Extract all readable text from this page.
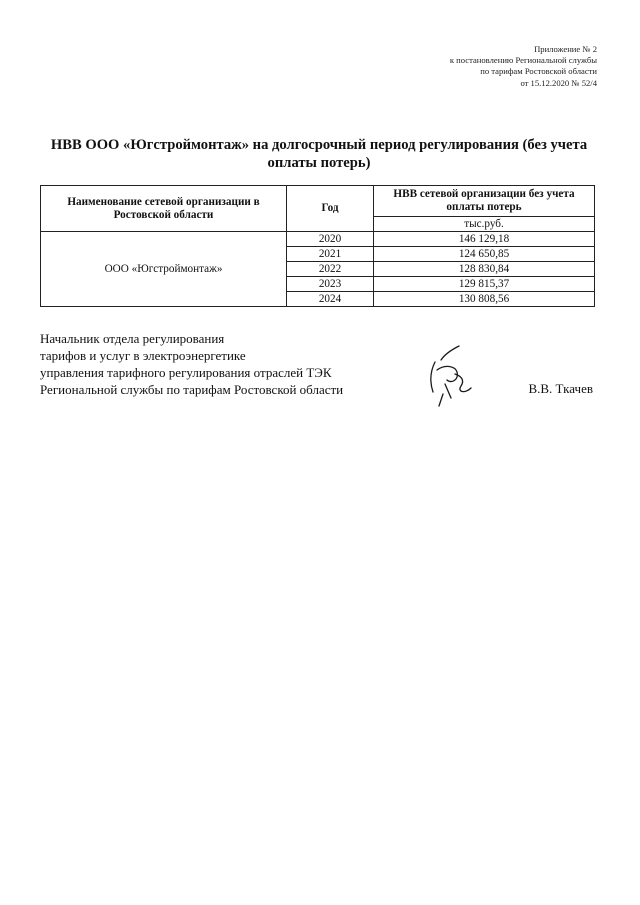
Приложение № 2
к постановлению Региональной службы
по тарифам Ростовской области
от 15.12.2020 № 52/4
НВВ ООО «Югстроймонтаж» на долгосрочный период регулирования (без учета оплаты потерь)
Наименование сетевой организации в Ростовской области	Год	НВВ сетевой организации без учета оплаты потерь
		тыс.руб.
ООО «Югстроймонтаж»	2020	146 129,18
	2021	124 650,85
	2022	128 830,84
	2023	129 815,37
	2024	130 808,56
Начальник отдела регулирования
тарифов и услуг в электроэнергетике
управления тарифного регулирования отраслей ТЭК
Региональной службы по тарифам Ростовской области	В.В. Ткачев
